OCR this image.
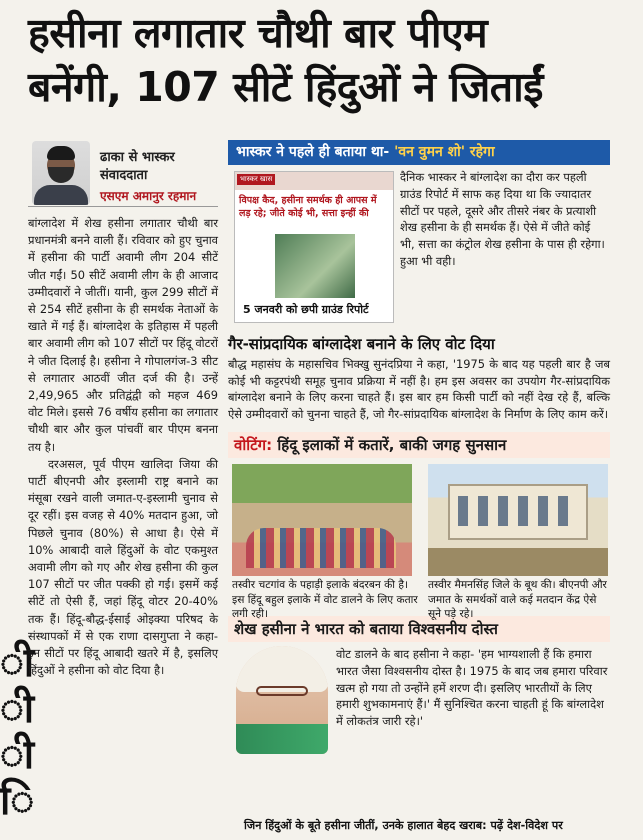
हसीना लगातार चौथी बार पीएम
बनेंगी, 107 सीटें हिंदुओं ने जिताईं
ी
ी
ी
ि
ढाका से भास्कर
संवाददाता
एसएम अमानुर रहमान

बांग्लादेश में शेख हसीना लगातार चौथी बार प्रधानमंत्री बनने वाली हैं। रविवार को हुए चुनाव में हसीना की पार्टी अवामी लीग 204 सीटें जीत गईं। 50 सीटें अवामी लीग के ही आजाद उम्मीदवारों ने जीतीं। यानी, कुल 299 सीटों में से 254 सीटें हसीना के ही समर्थक नेताओं के खाते में गई हैं। बांग्लादेश के इतिहास में पहली बार अवामी लीग को 107 सीटों पर हिंदू वोटरों ने जीत दिलाई है। हसीना ने गोपालगंज-3 सीट से लगातार आठवीं जीत दर्ज की है। उन्हें 2,49,965 और प्रतिद्वंद्वी को महज 469 वोट मिले। इससे 76 वर्षीय हसीना का लगातार चौथी बार और कुल पांचवीं बार पीएम बनना तय है।

दरअसल, पूर्व पीएम खालिदा जिया की पार्टी बीएनपी और इस्लामी राष्ट्र बनाने का मंसूबा रखने वाली जमात-ए-इस्लामी चुनाव से दूर रहीं। इस वजह से 40% मतदान हुआ, जो पिछले चुनाव (80%) से आधा है। ऐसे में 10% आबादी वाले हिंदुओं के वोट एकमुश्त अवामी लीग को गए और शेख हसीना की कुल 107 सीटों पर जीत पक्की हो गई। इसमें कई सीटें तो ऐसी हैं, जहां हिंदू वोटर 20-40% तक हैं। हिंदू-बौद्ध-ईसाई ओइक्या परिषद के संस्थापकों में से एक राणा दासगुप्ता ने कहा- इन सीटों पर हिंदू आबादी खतरे में है, इसलिए हिंदुओं ने हसीना को वोट दिया है।

भास्कर ने पहले ही बताया था- 'वन वुमन शो' रहेगा
भास्कर खास
विपक्ष कैद, हसीना समर्थक ही आपस में लड़ रहे; जीते कोई भी, सत्ता इन्हीं की
5 जनवरी को छपी ग्राउंड रिपोर्ट
दैनिक भास्कर ने बांग्लादेश का दौरा कर पहली ग्राउंड रिपोर्ट में साफ कह दिया था कि ज्यादातर सीटों पर पहले, दूसरे और तीसरे नंबर के प्रत्याशी शेख हसीना के ही समर्थक हैं। ऐसे में जीते कोई भी, सत्ता का कंट्रोल शेख हसीना के पास ही रहेगा। हुआ भी वही।
गैर-सांप्रदायिक बांग्लादेश बनाने के लिए वोट दिया
बौद्ध महासंघ के महासचिव भिक्खु सुनंदप्रिया ने कहा, '1975 के बाद यह पहली बार है जब कोई भी कट्टरपंथी समूह चुनाव प्रक्रिया में नहीं है। हम इस अवसर का उपयोग गैर-सांप्रदायिक बांग्लादेश बनाने के लिए करना चाहते हैं। इस बार हम किसी पार्टी को नहीं देख रहे हैं, बल्कि ऐसे उम्मीदवारों को चुनना चाहते हैं, जो गैर-सांप्रदायिक बांग्लादेश के निर्माण के लिए काम करें।
वोटिंग: हिंदू इलाकों में कतारें, बाकी जगह सुनसान
तस्वीर चटगांव के पहाड़ी इलाके बंदरबन की है। इस हिंदू बहुल इलाके में वोट डालने के लिए कतार लगी रही।
तस्वीर मैमनसिंह जिले के बूथ की। बीएनपी और जमात के समर्थकों वाले कई मतदान केंद्र ऐसे सूने पड़े रहे।
शेख हसीना ने भारत को बताया विश्वसनीय दोस्त
वोट डालने के बाद हसीना ने कहा- 'हम भाग्यशाली हैं कि हमारा भारत जैसा विश्वसनीय दोस्त है। 1975 के बाद जब हमारा परिवार खत्म हो गया तो उन्होंने हमें शरण दी। इसलिए भारतीयों के लिए हमारी शुभकामनाएं हैं।' मैं सुनिश्चित करना चाहती हूं कि बांग्लादेश में लोकतंत्र जारी रहे।'
जिन हिंदुओं के बूते हसीना जीतीं, उनके हालात बेहद खराब: पढ़ें देश-विदेश पर
